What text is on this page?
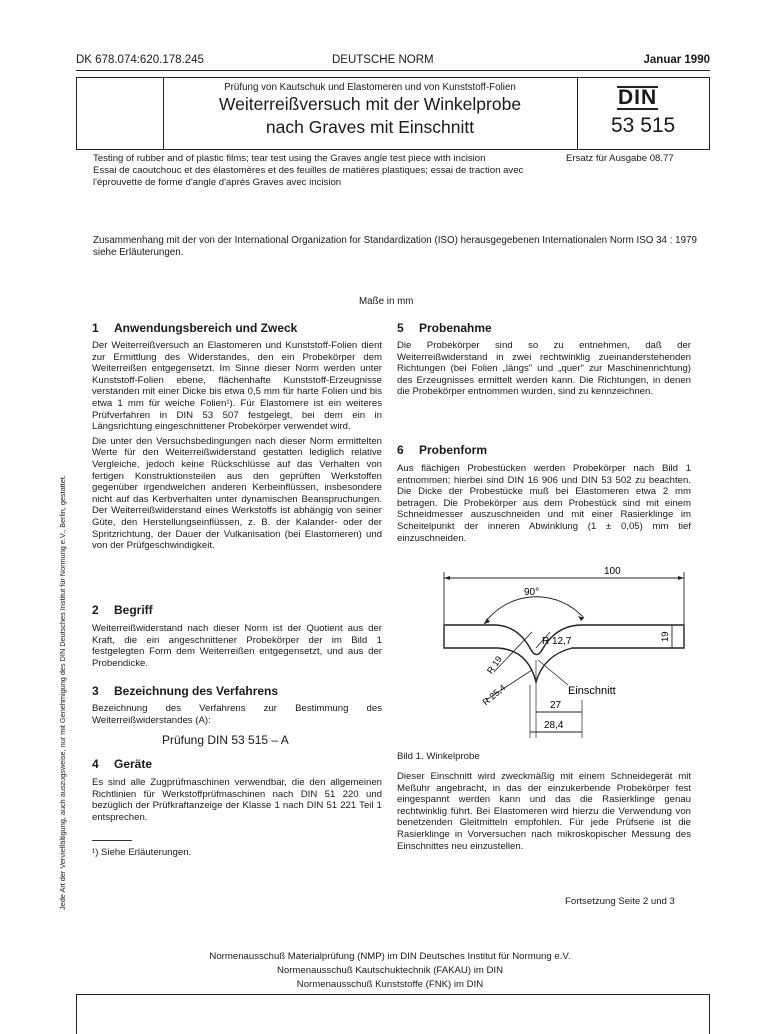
DK 678.074:620.178.245	DEUTSCHE NORM	Januar 1990
Prüfung von Kautschuk und Elastomeren und von Kunststoff-Folien
Weiterreißversuch mit der Winkelprobe
nach Graves mit Einschnitt
DIN
53 515
Testing of rubber and of plastic films; tear test using the Graves angle test piece with incision
Essai de caoutchouc et des élastomères et des feuilles de matières plastiques; essai de traction avec l'éprouvette de forme d'angle d'après Graves avec incision
Ersatz für Ausgabe 08.77
Zusammenhang mit der von der International Organization for Standardization (ISO) herausgegebenen Internationalen Norm ISO 34 : 1979 siehe Erläuterungen.
Maße in mm
Jede Art der Vervielfältigung, auch auszugsweise, nur mit Genehmigung des DIN Deutsches Institut für Normung e.V., Berlin, gestattet.
1 Anwendungsbereich und Zweck

Der Weiterreißversuch an Elastomeren und Kunststoff-Folien dient zur Ermittlung des Widerstandes, den ein Probekörper dem Weiterreißen entgegensetzt. Im Sinne dieser Norm werden unter Kunststoff-Folien ebene, flächenhafte Kunststoff-Erzeugnisse verstanden mit einer Dicke bis etwa 0,5 mm für harte Folien und bis etwa 1 mm für weiche Folien¹). Für Elastomere ist ein weiteres Prüfverfahren in DIN 53 507 festgelegt, bei dem ein in Längsrichtung eingeschnittener Probekörper verwendet wird.

Die unter den Versuchsbedingungen nach dieser Norm ermittelten Werte für den Weiterreißwiderstand gestatten lediglich relative Vergleiche, jedoch keine Rückschlüsse auf das Verhalten von fertigen Konstruktionsteilen aus den geprüften Werkstoffen gegenüber irgendwelchen anderen Kerbeinflüssen, insbesondere nicht auf das Kerbverhalten unter dynamischen Beanspruchungen. Der Weiterreißwiderstand eines Werkstoffs ist abhängig von seiner Güte, den Herstellungseinflüssen, z. B. der Kalander- oder der Spritzrichtung, der Dauer der Vulkanisation (bei Elastomeren) und von der Prüfgeschwindigkeit.

2 Begriff

Weiterreißwiderstand nach dieser Norm ist der Quotient aus der Kraft, die ein angeschnittener Probekörper der im Bild 1 festgelegten Form dem Weiterreißen entgegensetzt, und aus der Probendicke.

3 Bezeichnung des Verfahrens

Bezeichnung des Verfahrens zur Bestimmung des Weiterreißwiderstandes (A):

Prüfung DIN 53 515 – A
4 Geräte

Es sind alle Zugprüfmaschinen verwendbar, die den allgemeinen Richtlinien für Werkstoffprüfmaschinen nach DIN 51 220 und bezüglich der Prüfkraftanzeige der Klasse 1 nach DIN 51 221 Teil 1 entsprechen.

¹) Siehe Erläuterungen.
5 Probenahme

Die Probekörper sind so zu entnehmen, daß der Weiterreißwiderstand in zwei rechtwinklig zueinanderstehenden Richtungen (bei Folien „längs" und „quer" zur Maschinenrichtung) des Erzeugnisses ermittelt werden kann. Die Richtungen, in denen die Probekörper entnommen wurden, sind zu kennzeichnen.

6 Probenform

Aus flächigen Probestücken werden Probekörper nach Bild 1 entnommen; hierbei sind DIN 16 906 und DIN 53 502 zu beachten. Die Dicke der Probestücke muß bei Elastomeren etwa 2 mm betragen. Die Probekörper aus dem Probestück sind mit einem Schneidmesser auszuschneiden und mit einer Rasierklinge im Scheitelpunkt der inneren Abwinklung (1 ± 0,05) mm tief einzuschneiden.

100
90°
R 19
R 12,7
R 25,4
19
Einschnitt
27
28,4
Bild 1. Winkelprobe

Dieser Einschnitt wird zweckmäßig mit einem Schneidegerät mit Meßuhr angebracht, in das der einzukerbende Probekörper fest eingespannt werden kann und das die Rasierklinge genau rechtwinklig führt. Bei Elastomeren wird hierzu die Verwendung von benetzenden Gleitmitteln empfohlen. Für jede Prüfserie ist die Rasierklinge in Vorversuchen nach mikroskopischer Messung des Einschnittes neu einzustellen.

Fortsetzung Seite 2 und 3
Normenausschuß Materialprüfung (NMP) im DIN Deutsches Institut für Normung e.V.
Normenausschuß Kautschuktechnik (FAKAU) im DIN
Normenausschuß Kunststoffe (FNK) im DIN
